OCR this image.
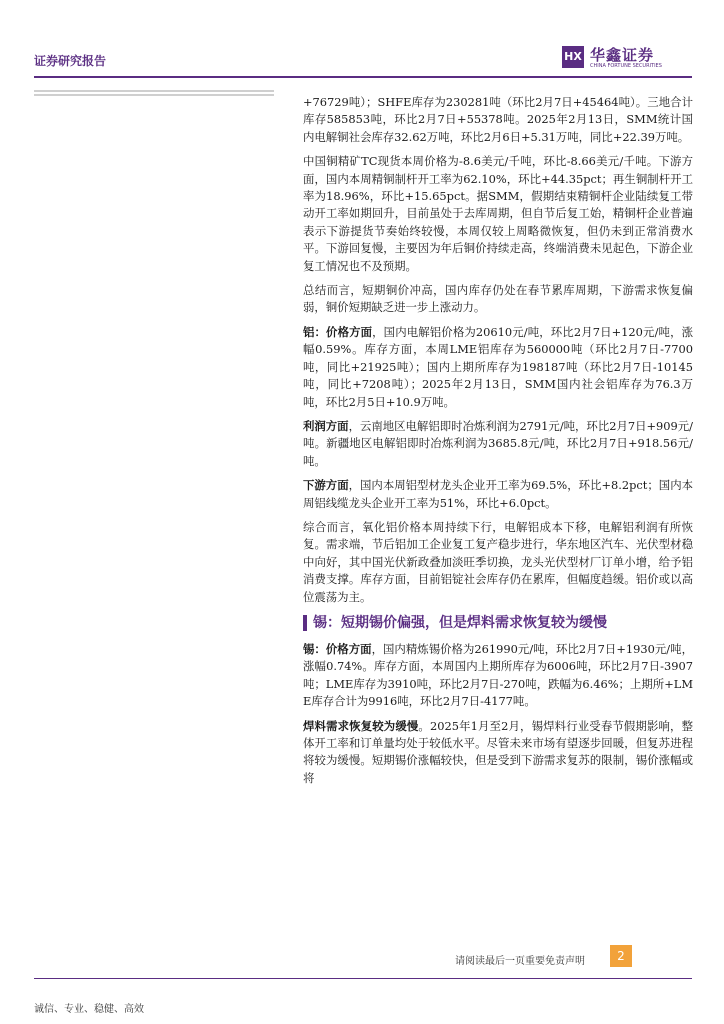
证券研究报告	HX 华鑫证券
CHINA FORTUNE SECURITIES

+76729吨）；SHFE库存为230281吨（环比2月7日+45464吨）。三地合计库存585853吨，环比2月7日+55378吨。2025年2月13日，SMM统计国内电解铜社会库存32.62万吨，环比2月6日+5.31万吨，同比+22.39万吨。

中国铜精矿TC现货本周价格为-8.6美元/千吨，环比-8.66美元/千吨。下游方面，国内本周精铜制杆开工率为62.10%，环比+44.35pct；再生铜制杆开工率为18.96%，环比+15.65pct。据SMM，假期结束精铜杆企业陆续复工带动开工率如期回升，目前虽处于去库周期，但自节后复工始，精铜杆企业普遍表示下游提货节奏始终较慢，本周仅较上周略微恢复，但仍未到正常消费水平。下游回复慢，主要因为年后铜价持续走高，终端消费未见起色，下游企业复工情况也不及预期。

总结而言，短期铜价冲高，国内库存仍处在春节累库周期，下游需求恢复偏弱，铜价短期缺乏进一步上涨动力。

铝：价格方面，国内电解铝价格为20610元/吨，环比2月7日+120元/吨，涨幅0.59%。库存方面，本周LME铝库存为560000吨（环比2月7日-7700吨，同比+21925吨）；国内上期所库存为198187吨（环比2月7日-10145吨，同比+7208吨）；2025年2月13日，SMM国内社会铝库存为76.3万吨，环比2月5日+10.9万吨。

利润方面，云南地区电解铝即时冶炼利润为2791元/吨，环比2月7日+909元/吨。新疆地区电解铝即时冶炼利润为3685.8元/吨，环比2月7日+918.56元/吨。

下游方面，国内本周铝型材龙头企业开工率为69.5%，环比+8.2pct；国内本周铝线缆龙头企业开工率为51%，环比+6.0pct。

综合而言，氧化铝价格本周持续下行，电解铝成本下移，电解铝利润有所恢复。需求端，节后铝加工企业复工复产稳步进行，华东地区汽车、光伏型材稳中向好，其中国光伏新政叠加淡旺季切换，龙头光伏型材厂订单小增，给予铝消费支撑。库存方面，目前铝锭社会库存仍在累库，但幅度趋缓。铝价或以高位震荡为主。

锡：短期锡价偏强，但是焊料需求恢复较为缓慢

锡：价格方面，国内精炼锡价格为261990元/吨，环比2月7日+1930元/吨，涨幅0.74%。库存方面，本周国内上期所库存为6006吨，环比2月7日-3907吨；LME库存为3910吨，环比2月7日-270吨，跌幅为6.46%；上期所+LME库存合计为9916吨，环比2月7日-4177吨。

焊料需求恢复较为缓慢。2025年1月至2月，锡焊料行业受春节假期影响，整体开工率和订单量均处于较低水平。尽管未来市场有望逐步回暖，但复苏进程将较为缓慢。短期锡价涨幅较快，但是受到下游需求复苏的限制，锡价涨幅或将

请阅读最后一页重要免责声明	2
诚信、专业、稳健、高效
